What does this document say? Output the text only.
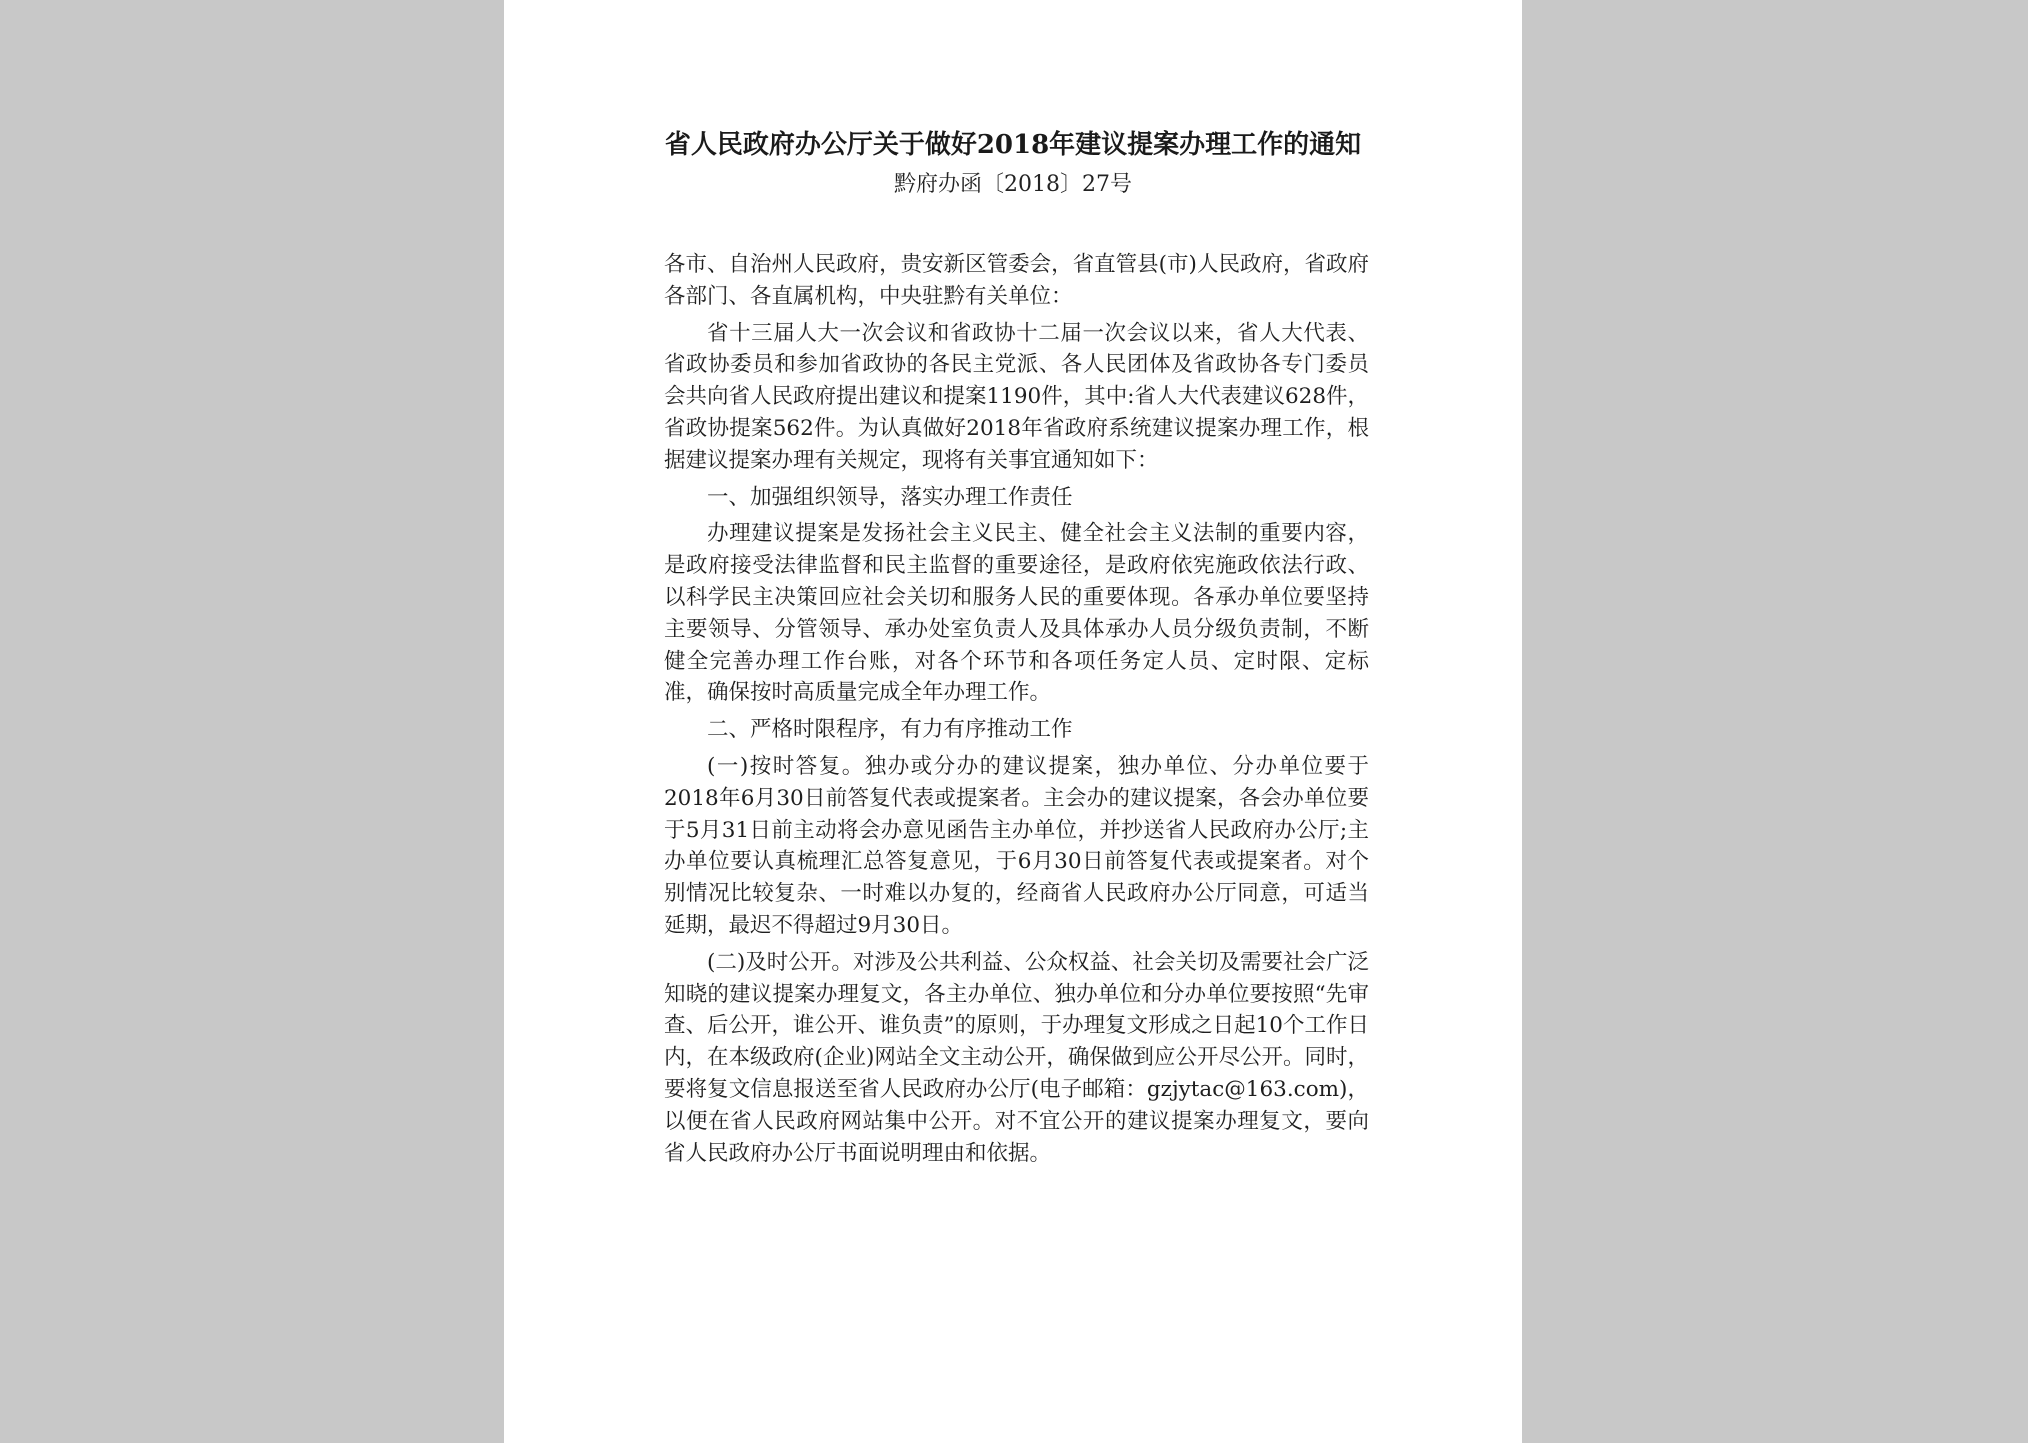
省人民政府办公厅关于做好2018年建议提案办理工作的通知
黔府办函〔2018〕27号

各市、自治州人民政府，贵安新区管委会，省直管县(市)人民政府，省政府各部门、各直属机构，中央驻黔有关单位：

省十三届人大一次会议和省政协十二届一次会议以来，省人大代表、省政协委员和参加省政协的各民主党派、各人民团体及省政协各专门委员会共向省人民政府提出建议和提案1190件，其中:省人大代表建议628件，省政协提案562件。为认真做好2018年省政府系统建议提案办理工作，根据建议提案办理有关规定，现将有关事宜通知如下：

一、加强组织领导，落实办理工作责任

办理建议提案是发扬社会主义民主、健全社会主义法制的重要内容，是政府接受法律监督和民主监督的重要途径，是政府依宪施政依法行政、以科学民主决策回应社会关切和服务人民的重要体现。各承办单位要坚持主要领导、分管领导、承办处室负责人及具体承办人员分级负责制，不断健全完善办理工作台账，对各个环节和各项任务定人员、定时限、定标准，确保按时高质量完成全年办理工作。

二、严格时限程序，有力有序推动工作

(一)按时答复。独办或分办的建议提案，独办单位、分办单位要于2018年6月30日前答复代表或提案者。主会办的建议提案，各会办单位要于5月31日前主动将会办意见函告主办单位，并抄送省人民政府办公厅;主办单位要认真梳理汇总答复意见，于6月30日前答复代表或提案者。对个别情况比较复杂、一时难以办复的，经商省人民政府办公厅同意，可适当延期，最迟不得超过9月30日。

(二)及时公开。对涉及公共利益、公众权益、社会关切及需要社会广泛知晓的建议提案办理复文，各主办单位、独办单位和分办单位要按照“先审查、后公开，谁公开、谁负责”的原则，于办理复文形成之日起10个工作日内，在本级政府(企业)网站全文主动公开，确保做到应公开尽公开。同时，要将复文信息报送至省人民政府办公厅(电子邮箱：gzjytac@163.com)，以便在省人民政府网站集中公开。对不宜公开的建议提案办理复文，要向省人民政府办公厅书面说明理由和依据。
